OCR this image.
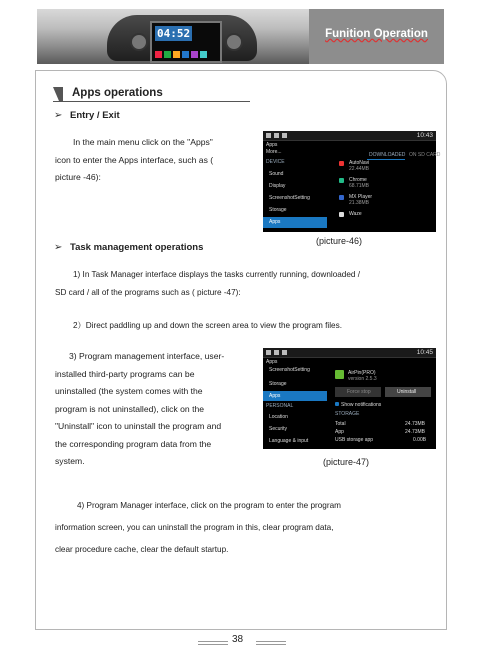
04:52	Funition Operation
Apps operations
➢ Entry / Exit

In the main menu click on the "Apps"

icon to enter the Apps interface, such as (

picture -46):

10:43
Apps
More...
DEVICE
Sound
Display
ScreenshotSetting
Storage
Apps
DOWNLOADED ON SD CARD
AutoNavi
22.44MB
Chrome
68.71MB
MX Player
21.38MB
Waze
(picture-46)
➢ Task management operations

1) In Task Manager interface displays the tasks currently running, downloaded /

SD card / all of the programs such as ( picture -47):

2）Direct paddling up and down the screen area to view the program files.

3) Program management interface, user-

installed third-party programs can be

uninstalled (the system comes with the

program is not uninstalled), click on the

"Uninstall" icon to uninstall the program and

the corresponding program data from the

system.

10:45
Apps
ScreenshotSetting
Storage
Apps
PERSONAL
Location
Security
Language & input
AirPin(PRO)
version 2.5.3
Force stop	Uninstall
Show notifications
STORAGE
Total	24.73MB
App	24.73MB
USB storage app	0.00B
(picture-47)

4) Program Manager interface, click on the program to enter the program

information screen, you can uninstall the program in this, clear program data,

clear procedure cache, clear the default startup.

38
